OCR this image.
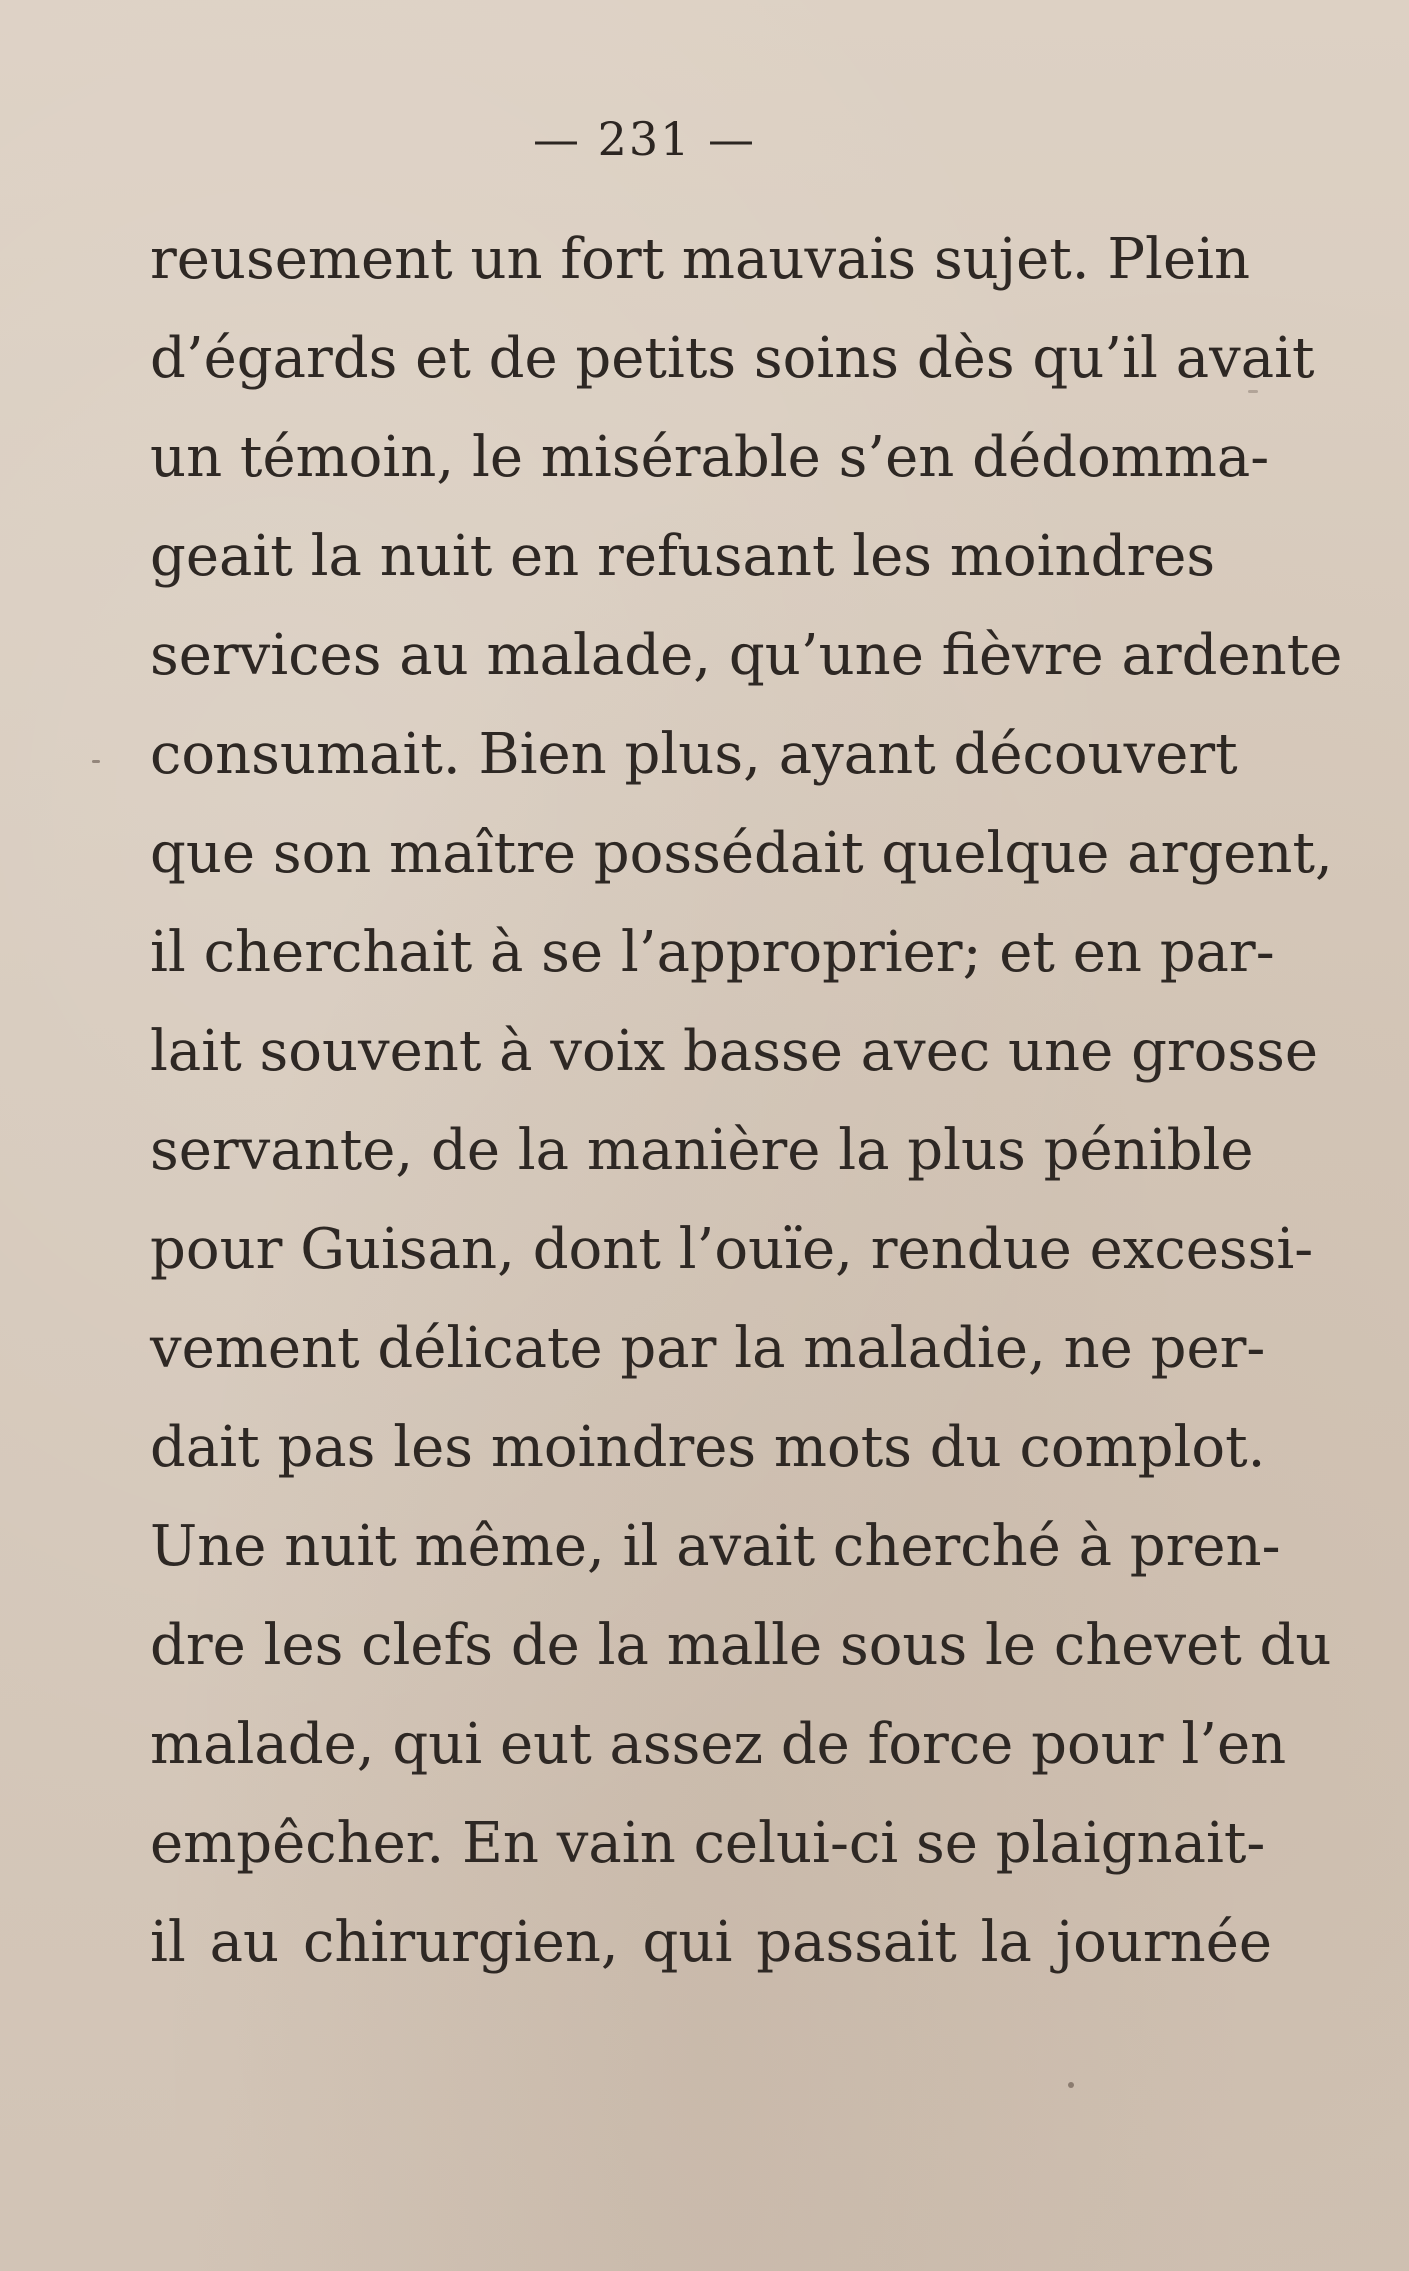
— 231 —
reusement un fort mauvais sujet. Plein
d’égards et de petits soins dès qu’il avait
un témoin, le misérable s’en dédomma-
geait la nuit en refusant les moindres
services au malade, qu’une fièvre ardente
consumait. Bien plus, ayant découvert
que son maître possédait quelque argent,
il cherchait à se l’approprier; et en par-
lait souvent à voix basse avec une grosse
servante, de la manière la plus pénible
pour Guisan, dont l’ouïe, rendue excessi-
vement délicate par la maladie, ne per-
dait pas les moindres mots du complot.
Une nuit même, il avait cherché à pren-
dre les clefs de la malle sous le chevet du
malade, qui eut assez de force pour l’en
empêcher. En vain celui-ci se plaignait-
il au chirurgien, qui passait la journée
